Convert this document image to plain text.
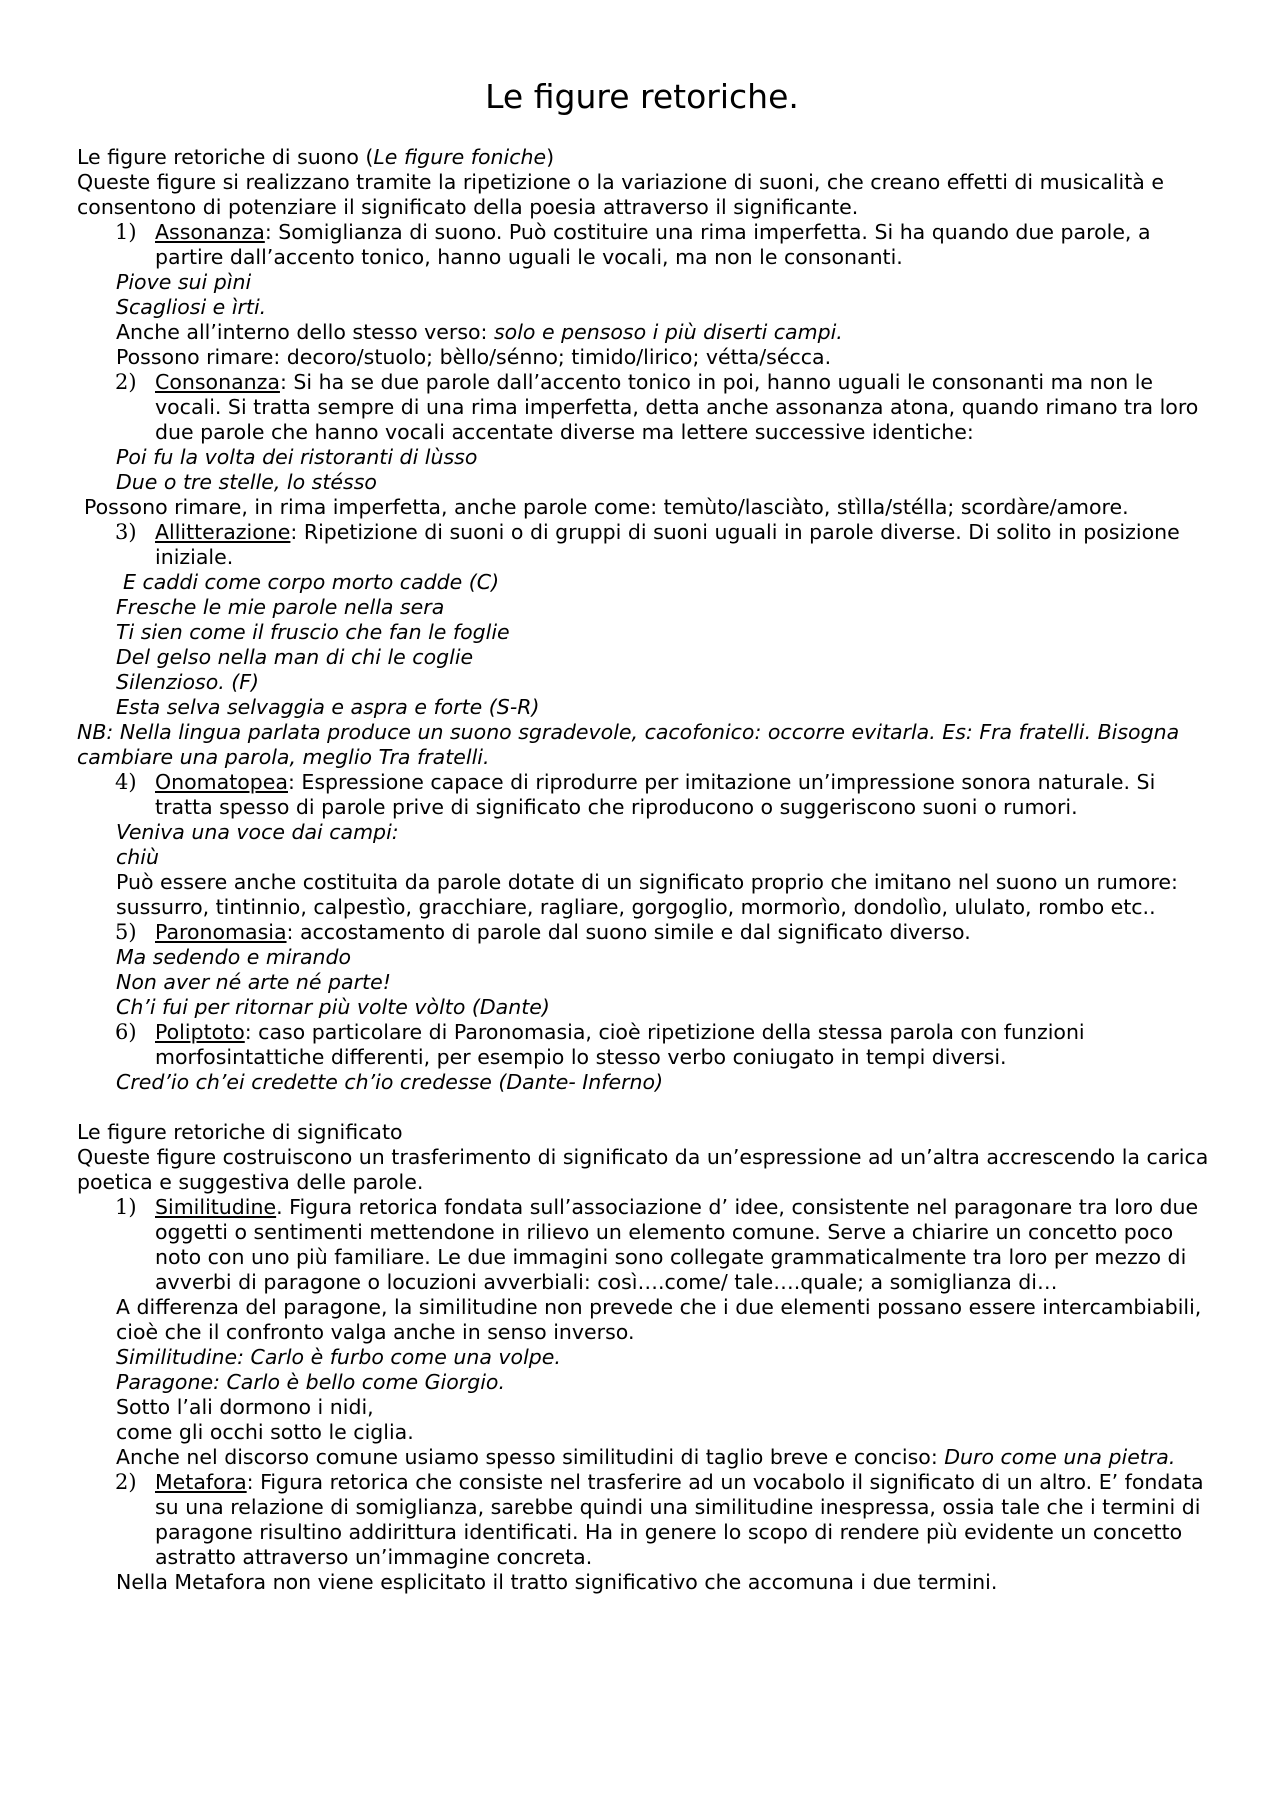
Le figure retoriche.

Le figure retoriche di suono (Le figure foniche)

Queste figure si realizzano tramite la ripetizione o la variazione di suoni, che creano effetti di musicalità e consentono di potenziare il significato della poesia attraverso il significante.

1) Assonanza: Somiglianza di suono. Può costituire una rima imperfetta. Si ha quando due parole, a partire dall’accento tonico, hanno uguali le vocali, ma non le consonanti.

Piove sui pìni

Scagliosi e ìrti.

Anche all’interno dello stesso verso: solo e pensoso i più diserti campi.

Possono rimare: decoro/stuolo; bèllo/sénno; timido/lirico; vétta/sécca.

2) Consonanza: Si ha se due parole dall’accento tonico in poi, hanno uguali le consonanti ma non le vocali. Si tratta sempre di una rima imperfetta, detta anche assonanza atona, quando rimano tra loro due parole che hanno vocali accentate diverse ma lettere successive identiche:

Poi fu la volta dei ristoranti di lùsso

Due o tre stelle, lo stésso

Possono rimare, in rima imperfetta, anche parole come: temùto/lasciàto, stìlla/stélla; scordàre/amore.

3) Allitterazione: Ripetizione di suoni o di gruppi di suoni uguali in parole diverse. Di solito in posizione iniziale.

E caddi come corpo morto cadde (C)

Fresche le mie parole nella sera

Ti sien come il fruscio che fan le foglie

Del gelso nella man di chi le coglie

Silenzioso. (F)

Esta selva selvaggia e aspra e forte (S-R)

NB: Nella lingua parlata produce un suono sgradevole, cacofonico: occorre evitarla. Es: Fra fratelli. Bisogna cambiare una parola, meglio Tra fratelli.

4) Onomatopea: Espressione capace di riprodurre per imitazione un’impressione sonora naturale. Si tratta spesso di parole prive di significato che riproducono o suggeriscono suoni o rumori.

Veniva una voce dai campi:

chiù

Può essere anche costituita da parole dotate di un significato proprio che imitano nel suono un rumore: sussurro, tintinnio, calpestìo, gracchiare, ragliare, gorgoglio, mormorìo, dondolìo, ululato, rombo etc..

5) Paronomasia: accostamento di parole dal suono simile e dal significato diverso.

Ma sedendo e mirando

Non aver né arte né parte!

Ch’i fui per ritornar più volte vòlto (Dante)

6) Poliptoto: caso particolare di Paronomasia, cioè ripetizione della stessa parola con funzioni morfosintattiche differenti, per esempio lo stesso verbo coniugato in tempi diversi.

Cred’io ch’ei credette ch’io credesse (Dante- Inferno)

Le figure retoriche di significato

Queste figure costruiscono un trasferimento di significato da un’espressione ad un’altra accrescendo la carica poetica e suggestiva delle parole.

1) Similitudine. Figura retorica fondata sull’associazione d’ idee, consistente nel paragonare tra loro due oggetti o sentimenti mettendone in rilievo un elemento comune. Serve a chiarire un concetto poco noto con uno più familiare. Le due immagini sono collegate grammaticalmente tra loro per mezzo di avverbi di paragone o locuzioni avverbiali: così….come/ tale….quale; a somiglianza di…

A differenza del paragone, la similitudine non prevede che i due elementi possano essere intercambiabili, cioè che il confronto valga anche in senso inverso.

Similitudine: Carlo è furbo come una volpe.

Paragone: Carlo è bello come Giorgio.

Sotto l’ali dormono i nidi,

come gli occhi sotto le ciglia.

Anche nel discorso comune usiamo spesso similitudini di taglio breve e conciso: Duro come una pietra.

2) Metafora: Figura retorica che consiste nel trasferire ad un vocabolo il significato di un altro. E’ fondata su una relazione di somiglianza, sarebbe quindi una similitudine inespressa, ossia tale che i termini di paragone risultino addirittura identificati. Ha in genere lo scopo di rendere più evidente un concetto astratto attraverso un’immagine concreta.

Nella Metafora non viene esplicitato il tratto significativo che accomuna i due termini.
